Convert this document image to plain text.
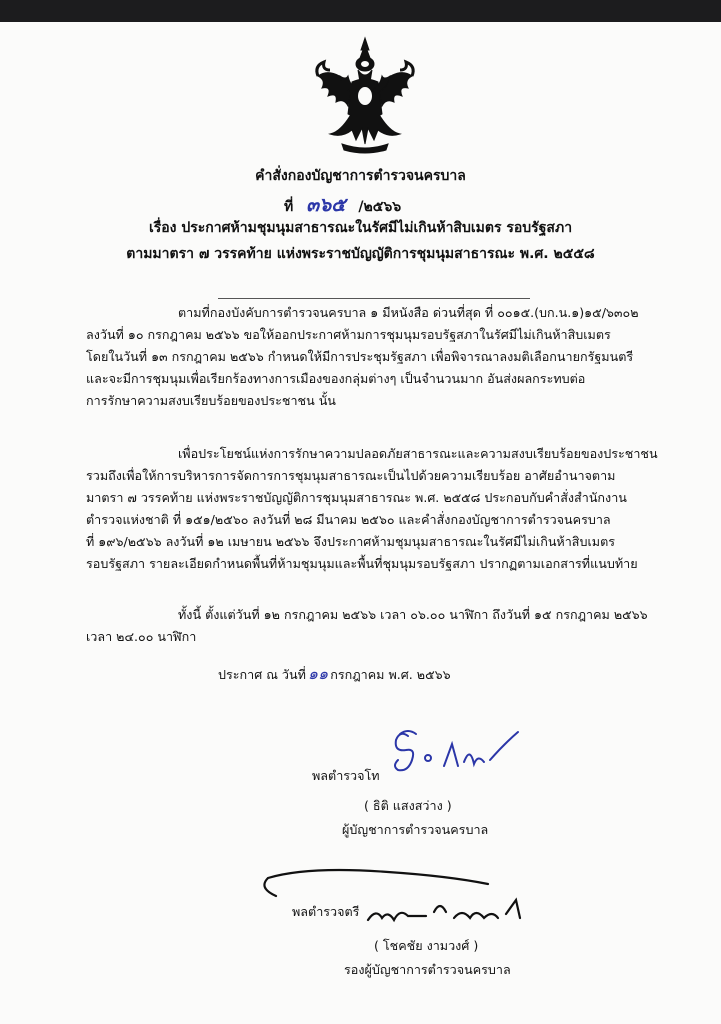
คำสั่งกองบัญชาการตำรวจนครบาล
ที่ ๓๖๕ /๒๕๖๖
เรื่อง ประกาศห้ามชุมนุมสาธารณะในรัศมีไม่เกินห้าสิบเมตร รอบรัฐสภา
ตามมาตรา ๗ วรรคท้าย แห่งพระราชบัญญัติการชุมนุมสาธารณะ พ.ศ. ๒๕๕๘
ตามที่กองบังคับการตำรวจนครบาล ๑ มีหนังสือ ด่วนที่สุด ที่ ๐๐๑๕.(บก.น.๑)๑๕/๖๓๐๒
ลงวันที่ ๑๐ กรกฎาคม ๒๕๖๖ ขอให้ออกประกาศห้ามการชุมนุมรอบรัฐสภาในรัศมีไม่เกินห้าสิบเมตร
โดยในวันที่ ๑๓ กรกฎาคม ๒๕๖๖ กำหนดให้มีการประชุมรัฐสภา เพื่อพิจารณาลงมติเลือกนายกรัฐมนตรี
และจะมีการชุมนุมเพื่อเรียกร้องทางการเมืองของกลุ่มต่างๆ เป็นจำนวนมาก อันส่งผลกระทบต่อ
การรักษาความสงบเรียบร้อยของประชาชน นั้น
เพื่อประโยชน์แห่งการรักษาความปลอดภัยสาธารณะและความสงบเรียบร้อยของประชาชน
รวมถึงเพื่อให้การบริหารการจัดการการชุมนุมสาธารณะเป็นไปด้วยความเรียบร้อย อาศัยอำนาจตาม
มาตรา ๗ วรรคท้าย แห่งพระราชบัญญัติการชุมนุมสาธารณะ พ.ศ. ๒๕๕๘ ประกอบกับคำสั่งสำนักงาน
ตำรวจแห่งชาติ ที่ ๑๕๑/๒๕๖๐ ลงวันที่ ๒๘ มีนาคม ๒๕๖๐ และคำสั่งกองบัญชาการตำรวจนครบาล
ที่ ๑๙๖/๒๕๖๖ ลงวันที่ ๑๒ เมษายน ๒๕๖๖ จึงประกาศห้ามชุมนุมสาธารณะในรัศมีไม่เกินห้าสิบเมตร
รอบรัฐสภา รายละเอียดกำหนดพื้นที่ห้ามชุมนุมและพื้นที่ชุมนุมรอบรัฐสภา ปรากฏตามเอกสารที่แนบท้าย
ทั้งนี้ ตั้งแต่วันที่ ๑๒ กรกฎาคม ๒๕๖๖ เวลา ๐๖.๐๐ นาฬิกา ถึงวันที่ ๑๕ กรกฎาคม ๒๕๖๖
เวลา ๒๔.๐๐ นาฬิกา
ประกาศ ณ วันที่ ๑๑ กรกฎาคม พ.ศ. ๒๕๖๖
พลตำรวจโท
( ธิติ แสงสว่าง )
ผู้บัญชาการตำรวจนครบาล
พลตำรวจตรี
( โชคชัย งามวงศ์ )
รองผู้บัญชาการตำรวจนครบาล
